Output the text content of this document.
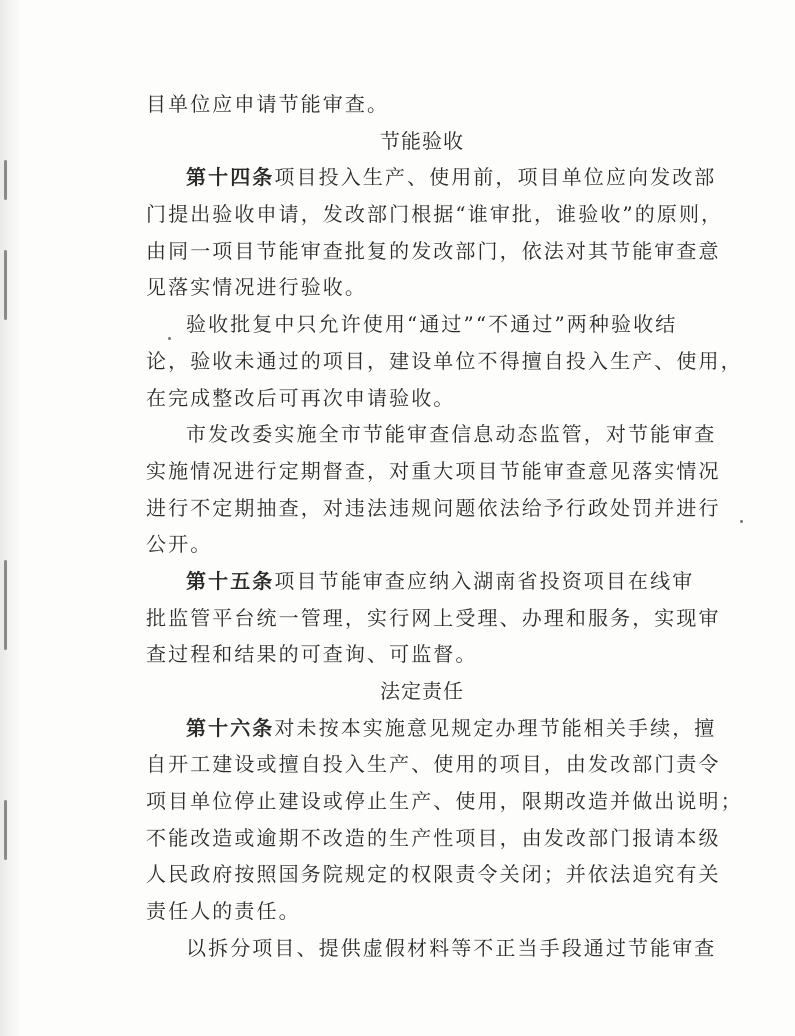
目单位应申请节能审查。
节能验收
第十四条项目投入生产、使用前，项目单位应向发改部
门提出验收申请，发改部门根据“谁审批，谁验收”的原则，
由同一项目节能审查批复的发改部门，依法对其节能审查意
见落实情况进行验收。
验收批复中只允许使用“通过”“不通过”两种验收结
论，验收未通过的项目，建设单位不得擅自投入生产、使用，
在完成整改后可再次申请验收。
市发改委实施全市节能审查信息动态监管，对节能审查
实施情况进行定期督查，对重大项目节能审查意见落实情况
进行不定期抽查，对违法违规问题依法给予行政处罚并进行
公开。
第十五条项目节能审查应纳入湖南省投资项目在线审
批监管平台统一管理，实行网上受理、办理和服务，实现审
查过程和结果的可查询、可监督。
法定责任
第十六条对未按本实施意见规定办理节能相关手续，擅
自开工建设或擅自投入生产、使用的项目，由发改部门责令
项目单位停止建设或停止生产、使用，限期改造并做出说明；
不能改造或逾期不改造的生产性项目，由发改部门报请本级
人民政府按照国务院规定的权限责令关闭；并依法追究有关
责任人的责任。
以拆分项目、提供虚假材料等不正当手段通过节能审查
